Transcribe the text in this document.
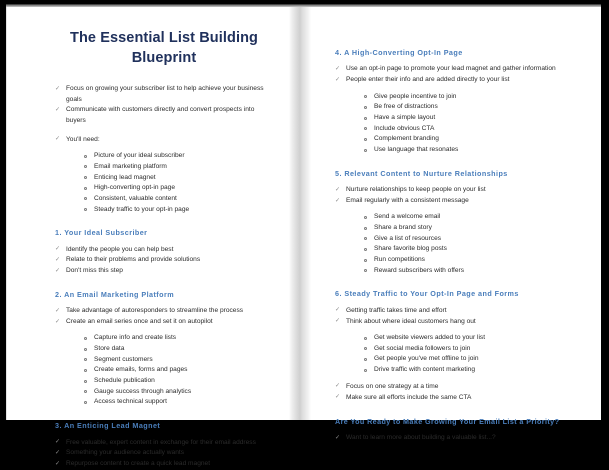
The Essential List Building Blueprint
✓ Focus on growing your subscriber list to help achieve your business goals
✓ Communicate with customers directly and convert prospects into buyers
✓ You'll need:
Picture of your ideal subscriber
Email marketing platform
Enticing lead magnet
High-converting opt-in page
Consistent, valuable content
Steady traffic to your opt-in page
1. Your Ideal Subscriber
✓ Identify the people you can help best
✓ Relate to their problems and provide solutions
✓ Don't miss this step
2. An Email Marketing Platform
✓ Take advantage of autoresponders to streamline the process
✓ Create an email series once and set it on autopilot
Capture info and create lists
Store data
Segment customers
Create emails, forms and pages
Schedule publication
Gauge success through analytics
Access technical support
3. An Enticing Lead Magnet
✓ Free valuable, expert content in exchange for their email address
✓ Something your audience actually wants
✓ Repurpose content to create a quick lead magnet
4. A High-Converting Opt-In Page
✓ Use an opt-in page to promote your lead magnet and gather information
✓ People enter their info and are added directly to your list
Give people incentive to join
Be free of distractions
Have a simple layout
Include obvious CTA
Complement branding
Use language that resonates
5. Relevant Content to Nurture Relationships
✓ Nurture relationships to keep people on your list
✓ Email regularly with a consistent message
Send a welcome email
Share a brand story
Give a list of resources
Share favorite blog posts
Run competitions
Reward subscribers with offers
6. Steady Traffic to Your Opt-In Page and Forms
✓ Getting traffic takes time and effort
✓ Think about where ideal customers hang out
Get website viewers added to your list
Get social media followers to join
Get people you've met offline to join
Drive traffic with content marketing
✓ Focus on one strategy at a time
✓ Make sure all efforts include the same CTA
Are You Ready to Make Growing Your Email List a Priority?
✓ Want to learn more about building a valuable list...?
